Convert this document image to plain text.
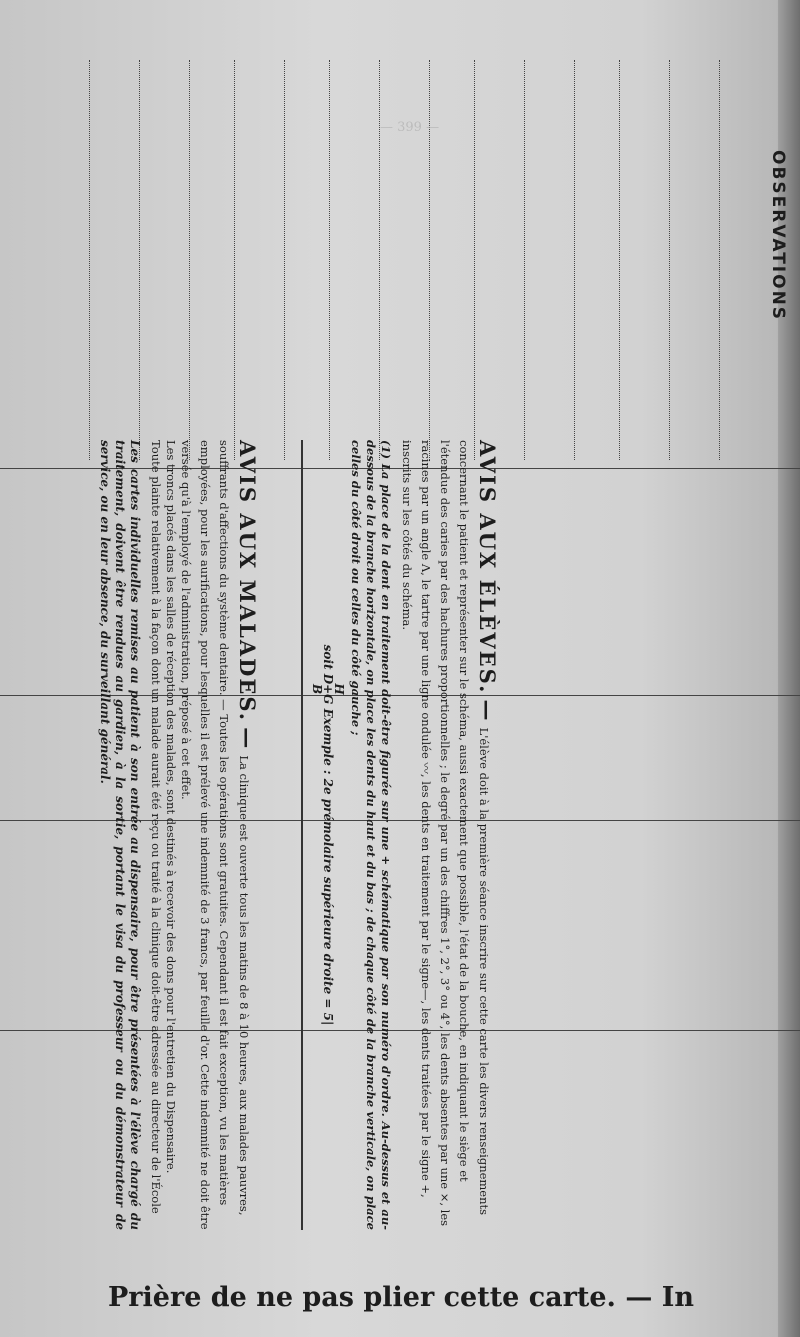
OBSERVATIONS
AVIS AUX ÉLÈVES. — L'élève doit à la première séance inscrire sur cette carte les divers renseignements concernant le patient et représenter sur le schéma, aussi exactement que possible, l'état de la bouche, en indiquant le siège et l'étendue des caries par des hachures proportionnelles ; le degré par un des chiffres 1°, 2°, 3° ou 4°, les dents absentes par une ×, les racines par un angle Λ, le tartre par une ligne ondulée 〰, les dents en traitement par le signe—, les dents traitées par le signe +, inscrits sur les côtés du schéma.
(1) La place de la dent en traitement doit-être figurée sur une + schématique par son numéro d'ordre. Au-dessus et au-dessous de la branche horizontale, on place les dents du haut et du bas ; de chaque côté de la branche verticale, on place celles du côté droit ou celles du côté gauche ;
soit H
D+G
B Exemple : 2e prémolaire supérieure droite = 5|
AVIS AUX MALADES. — La clinique est ouverte tous les matins de 8 à 10 heures, aux malades pauvres, souffrants d'affections du système dentaire. — Toutes les opérations sont gratuites. Cependant il est fait exception, vu les matières employées, pour les aurifications, pour lesquelles il est prélevé une indemnité de 3 francs, par feuille d'or. Cette indemnité ne doit être versée qu'à l'employé de l'administration, préposé à cet effet.
Les troncs placés dans les salles de réception des malades, sont destinés à recevoir des dons pour l'entretien du Dispensaire.
Toute plainte relativement à la façon dont un malade aurait été reçu ou traité à la clinique doit-être adressée au directeur de l'École
Les cartes individuelles remises au patient à son entrée au dispensaire, pour être présentées à l'élève chargé du traitement, doivent être rendues au gardien, à la sortie, portant le visa du professeur ou du démonstrateur de service, ou en leur absence, du surveillant général.
— 399 —
Prière de ne pas plier cette carte. — In
